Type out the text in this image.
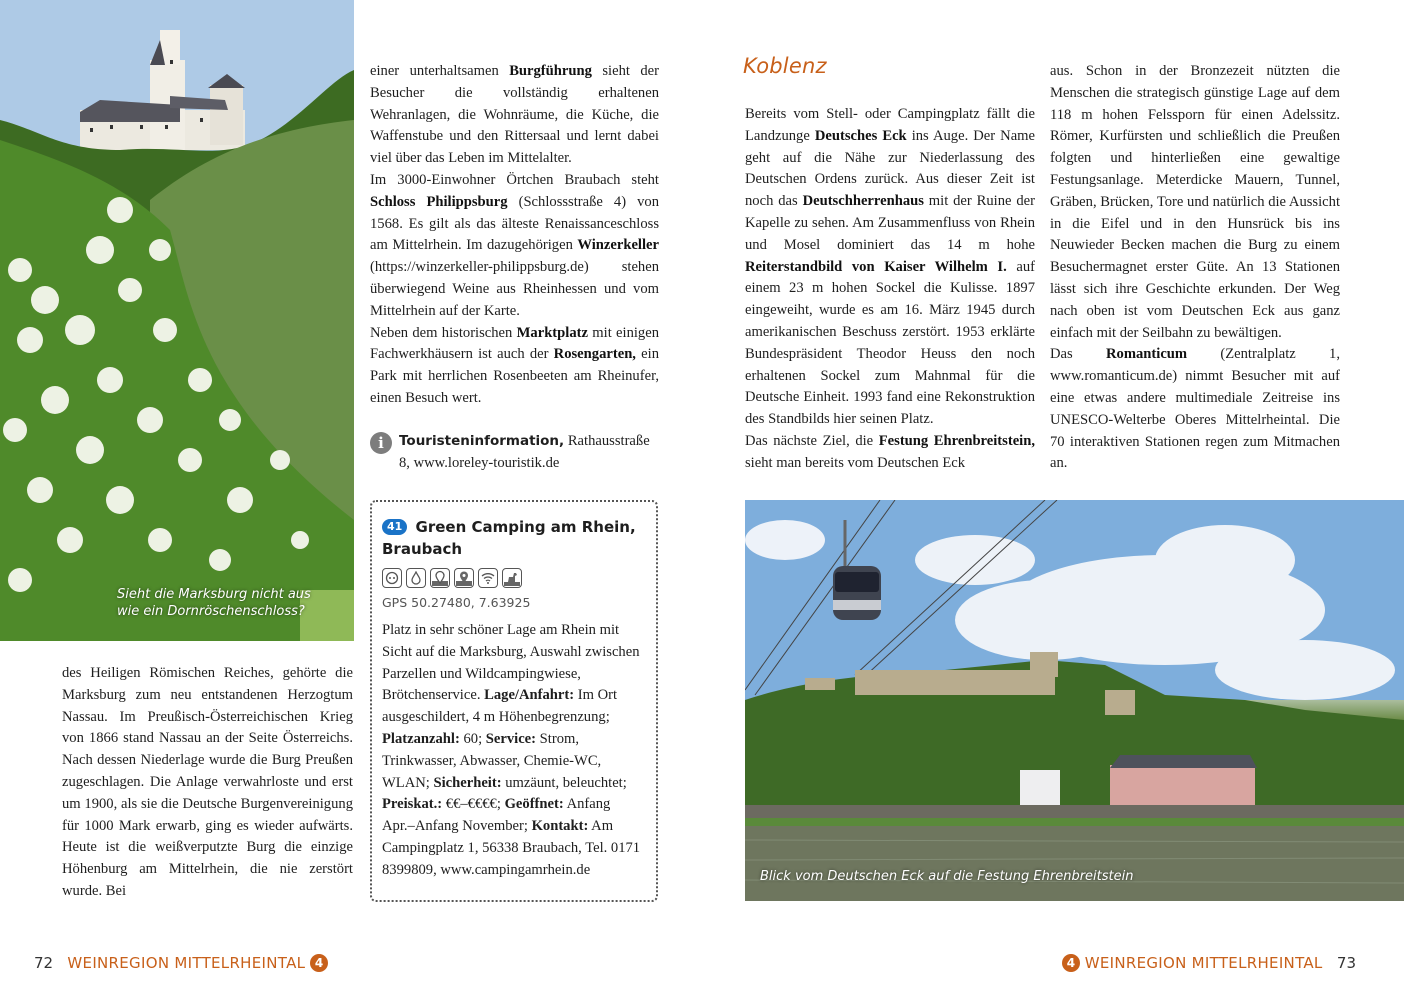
Sieht die Marksburg nicht aus
wie ein Dornröschenschloss?

des Heiligen Römischen Reiches, gehörte die Marksburg zum neu entstandenen Herzogtum Nassau. Im Preußisch-Österreichischen Krieg von 1866 stand Nassau an der Seite Österreichs. Nach dessen Niederlage wurde die Burg Preußen zugeschlagen. Die Anlage verwahrloste und erst um 1900, als sie die Deutsche Burgenvereinigung für 1000 Mark erwarb, ging es wieder aufwärts. Heute ist die weißverputzte Burg die einzige Höhenburg am Mittelrhein, die nie zerstört wurde. Bei

einer unterhaltsamen Burgführung sieht der Besucher die vollständig erhaltenen Wehranlagen, die Wohnräume, die Küche, die Waffenstube und den Rittersaal und lernt dabei viel über das Leben im Mittelalter.

Im 3000-Einwohner Örtchen Braubach steht Schloss Philippsburg (Schlossstraße 4) von 1568. Es gilt als das älteste Renaissanceschloss am Mittelrhein. Im dazugehörigen Winzerkeller (https://winzerkeller-philippsburg.de) stehen überwiegend Weine aus Rheinhessen und vom Mittelrhein auf der Karte.

Neben dem historischen Marktplatz mit einigen Fachwerkhäusern ist auch der Rosengarten, ein Park mit herrlichen Rosenbeeten am Rheinufer, einen Besuch wert.

i	Touristeninformation, Rathausstraße 8, www.loreley-touristik.de

41 Green Camping am Rhein, Braubach

GPS 50.27480, 7.63925
Platz in sehr schöner Lage am Rhein mit Sicht auf die Marksburg, Auswahl zwischen Parzellen und Wildcampingwiese, Brötchenservice. Lage/Anfahrt: Im Ort ausgeschildert, 4 m Höhenbegrenzung; Platzanzahl: 60; Service: Strom, Trinkwasser, Abwasser, Chemie-WC, WLAN; Sicherheit: umzäunt, beleuchtet; Preiskat.: €€–€€€€; Geöffnet: Anfang Apr.–Anfang November; Kontakt: Am Campingplatz 1, 56338 Braubach, Tel. 0171 8399809, www.campingamrhein.de
72 WEINREGION MITTELRHEINTAL 4
Koblenz

Bereits vom Stell- oder Campingplatz fällt die Landzunge Deutsches Eck ins Auge. Der Name geht auf die Nähe zur Niederlassung des Deutschen Ordens zurück. Aus dieser Zeit ist noch das Deutschherrenhaus mit der Ruine der Kapelle zu sehen. Am Zusammenfluss von Rhein und Mosel dominiert das 14 m hohe Reiterstandbild von Kaiser Wilhelm I. auf einem 23 m hohen Sockel die Kulisse. 1897 eingeweiht, wurde es am 16. März 1945 durch amerikanischen Beschuss zerstört. 1953 erklärte Bundespräsident Theodor Heuss den noch erhaltenen Sockel zum Mahnmal für die Deutsche Einheit. 1993 fand eine Rekonstruktion des Standbilds hier seinen Platz.

Das nächste Ziel, die Festung Ehrenbreitstein, sieht man bereits vom Deutschen Eck

aus. Schon in der Bronzezeit nützten die Menschen die strategisch günstige Lage auf dem 118 m hohen Felssporn für einen Adelssitz. Römer, Kurfürsten und schließlich die Preußen folgten und hinterließen eine gewaltige Festungsanlage. Meterdicke Mauern, Tunnel, Gräben, Brücken, Tore und natürlich die Aussicht in die Eifel und in den Hunsrück bis ins Neuwieder Becken machen die Burg zu einem Besuchermagnet erster Güte. An 13 Stationen lässt sich ihre Geschichte erkunden. Der Weg nach oben ist vom Deutschen Eck aus ganz einfach mit der Seilbahn zu bewältigen.

Das Romanticum (Zentralplatz 1, www.romanticum.de) nimmt Besucher mit auf eine etwas andere multimediale Zeitreise ins UNESCO-Welterbe Oberes Mittelrheintal. Die 70 interaktiven Stationen regen zum Mitmachen an.

Blick vom Deutschen Eck auf die Festung Ehrenbreitstein
4 WEINREGION MITTELRHEINTAL 73
